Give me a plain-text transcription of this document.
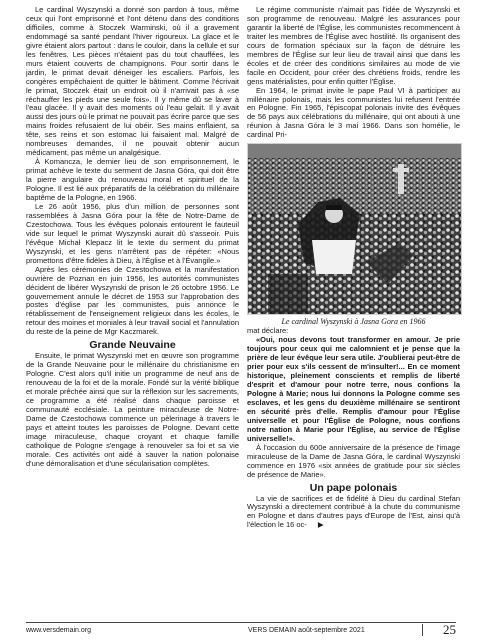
Le cardinal Wyszynski a donné son pardon à tous, même ceux qui l'ont emprisonné et l'ont détenu dans des conditions difficiles, comme à Stoczek Warminski, où il a gravement endommagé sa santé pendant l'hiver rigoureux. La glace et le givre étaient alors partout : dans le couloir, dans la cellule et sur les fenêtres. Les pièces n'étaient pas du tout chauffées, les murs étaient couverts de champignons. Pour sortir dans le jardin, le primat devait déneiger les escaliers. Parfois, les congères empêchaient de quitter le bâtiment. Comme l'écrivait le primat, Stoczek était un endroit où il n'arrivait pas à «se réchauffer les pieds une seule fois». Il y même dû se laver à l'eau glacée. Il y avait des moments où l'eau gelait. Il y avait aussi des jours où le primat ne pouvait pas écrire parce que ses mains froides refusaient de lui obéir. Ses mains enflaient, sa tête, ses reins et son estomac lui faisaient mal. Malgré de nombreuses demandes, il ne pouvait obtenir aucun médicament, pas même un analgésique.

À Komancza, le dernier lieu de son emprisonnement, le primat achève le texte du serment de Jasna Góra, qui doit être la pierre angulaire du renouveau moral et spirituel de la Pologne. Il est lié aux préparatifs de la célébration du millénaire baptême de la Pologne, en 1966.

Le 26 août 1956, plus d'un million de personnes sont rassemblées à Jasna Góra pour la fête de Notre-Dame de Czestochowa. Tous les évêques polonais entourent le fauteuil vide sur lequel le primat Wyszynski aurait dû s'asseoir. Puis l'évêque Michał Klepacz lit le texte du serment du primat Wyszynski, et les gens n'arrêtent pas de répéter: «Nous promettons d'être fidèles à Dieu, à l'Église et à l'Évangile.»

Après les cérémonies de Czestochowa et la manifestation ouvrière de Poznan en juin 1956, les autorités communistes décident de libérer Wyszynski de prison le 26 octobre 1956. Le gouvernement annule le décret de 1953 sur l'approbation des postes d'église par les communistes, puis annonce le rétablissement de l'enseignement religieux dans les écoles, le retour des moines et moniales à leur travail social et l'annulation du reste de la peine de Mgr Kaczmarek.

Grande Neuvaine

Ensuite, le primat Wyszynski met en œuvre son programme de la Grande Neuvaine pour le millénaire du christianisme en Pologne. C'est alors qu'il initie un programme de neuf ans de renouveau de la foi et de la morale. Fondé sur la vérité biblique et morale prêchée ainsi que sur la réflexion sur les sacrements, ce programme a été réalisé dans chaque paroisse et communauté ecclésiale. La peinture miraculeuse de Notre-Dame de Czestochowa commence un pèlerinage à travers le pays et atteint toutes les paroisses de Pologne. Devant cette image miraculeuse, chaque croyant et chaque famille catholique de Pologne s'engage à renouveler sa foi et sa vie morale. Ces activités ont aidé à sauver la nation polonaise d'une démoralisation et d'une sécularisation complètes.

Le régime communiste n'aimait pas l'idée de Wyszynski et son programme de renouveau. Malgré les assurances pour garantir la liberté de l'Église, les communistes recommencent à traiter les membres de l'Église avec hostilité. Ils organisent des cours de formation spéciaux sur la façon de détruire les membres de l'Église sur leur lieu de travail ainsi que dans les écoles et de créer des conditions similaires au mode de vie facile en Occident, pour créer des chrétiens froids, rendre les gens matérialistes, pour enfin quitter l'Église.

En 1964, le primat invite le pape Paul VI à participer au millénaire polonais, mais les communistes lui refusent l'entrée en Pologne. Fin 1965, l'épiscopat polonais invite des évêques de 56 pays aux célébrations du millénaire, qui ont abouti à une réunion à Jasna Góra le 3 mai 1966. Dans son homélie, le cardinal Pri-

Le cardinal Wyszynski à Jasna Gora en 1966

mat déclare:

«Oui, nous devons tout transformer en amour. Je prie toujours pour ceux qui me calomnient et je pense que la prière de leur évêque leur sera utile. J'oublierai peut-être de prier pour eux s'ils cessent de m'insulter!... En ce moment historique, pleinement conscients et remplis de liberté d'esprit et d'amour pour notre terre, nous confions la Pologne à Marie; nous lui donnons la Pologne comme ses esclaves, et les gens du deuxième millénaire se sentiront en sécurité près d'elle. Remplis d'amour pour l'Église universelle et pour l'Église de Pologne, nous confions notre nation à Marie pour l'Église, au service de l'Église universelle!».

À l'occasion du 600e anniversaire de la présence de l'image miraculeuse de la Dame de Jasna Góra, le cardinal Wyszynski commence en 1976 «six années de gratitude pour six siècles de présence de Marie».

Un pape polonais

La vie de sacrifices et de fidélité à Dieu du cardinal Stefan Wyszynski a directement contribué à la chute du communisme en Pologne et dans d'autres pays d'Europe de l'Est, ainsi qu'à l'élection le 16 oc- ▶

www.versdemain.org	VERS DEMAIN août-septembre 2021	25
